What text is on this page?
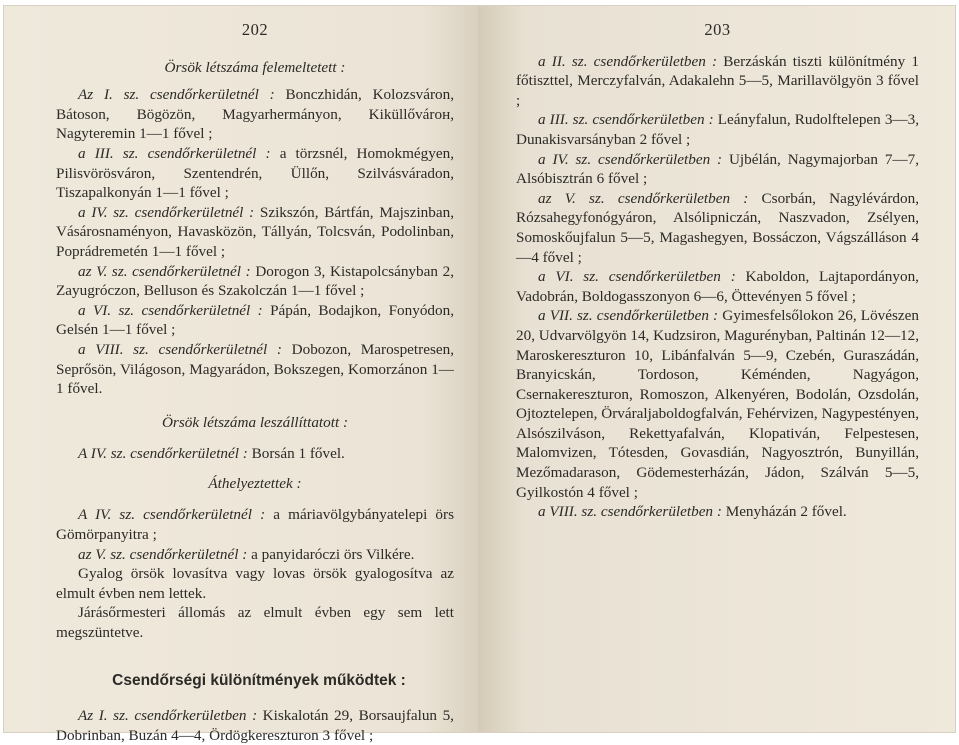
202
Örsök létszáma felemeltetett :

Az I. sz. csendőrkerületnél : Bonczhidán, Kolozsváron, Bátoson, Bögözön, Magyarhermányon, Kiküllővárон, Nagyteremin 1—1 fővel ;

a III. sz. csendőrkerületnél : a törzsnél, Homokmégyen, Pilisvörösváron, Szentendrén, Üllőn, Szilvásváradon, Tiszapalkonyán 1—1 fővel ;

a IV. sz. csendőrkerületnél : Szikszón, Bártfán, Majszinban, Vásárosnaményon, Havasközön, Tállyán, Tolcsván, Podolinban, Poprádremetén 1—1 fővel ;

az V. sz. csendőrkerületnél : Dorogon 3, Kistapolcsányban 2, Zayugróczon, Belluson és Szakolczán 1—1 fővel ;

a VI. sz. csendőrkerületnél : Pápán, Bodajkon, Fonyódon, Gelsén 1—1 fővel ;

a VIII. sz. csendőrkerületnél : Dobozon, Marospetresen, Seprősön, Világoson, Magyarádon, Bokszegen, Komorzánon 1—1 fővel.

Örsök létszáma leszállíttatott :

A IV. sz. csendőrkerületnél : Borsán 1 fővel.

Áthelyeztettek :

A IV. sz. csendőrkerületnél : a máriavölgybányatelepi örs Gömörpanyitra ;

az V. sz. csendőrkerületnél : a panyidaróczi örs Vilkére.

Gyalog örsök lovasítva vagy lovas örsök gyalogosítva az elmult évben nem lettek.

Járásőrmesteri állomás az elmult évben egy sem lett megszüntetve.

Csendőrségi különítmények működtek :

Az I. sz. csendőrkerületben : Kiskalotán 29, Borsaujfalun 5, Dobrinban, Buzán 4—4, Ördögkereszturon 3 fővel ;

203

a II. sz. csendőrkerületben : Berzáskán tiszti különítmény 1 főtiszttel, Merczyfalván, Adakalehn 5—5, Marillavölgyön 3 fővel ;

a III. sz. csendőrkerületben : Leányfalun, Rudolftelepen 3—3, Dunakisvarsányban 2 fővel ;

a IV. sz. csendőrkerületben : Ujbélán, Nagymajorban 7—7, Alsóbisztrán 6 fővel ;

az V. sz. csendőrkerületben : Csorbán, Nagylévárdon, Rózsahegyfonógyáron, Alsólipniczán, Naszvadon, Zsélyen, Somoskőujfalun 5—5, Magashegyen, Bossáczon, Vágszálláson 4—4 fővel ;

a VI. sz. csendőrkerületben : Kaboldon, Lajtapordányon, Vadobrán, Boldogasszonyon 6—6, Öttevényen 5 fővel ;

a VII. sz. csendőrkerületben : Gyimesfelsőlokon 26, Lövészen 20, Udvarvölgyön 14, Kudzsiron, Magurényban, Paltinán 12—12, Maroskereszturon 10, Libánfalván 5—9, Czebén, Guraszádán, Branyicskán, Tordoson, Kéménden, Nagyágon, Csernakereszturon, Romoszon, Alkenyéren, Bodolán, Ozsdolán, Ojtoztelepen, Örváraljaboldogfalván, Fehérvizen, Nagypestényen, Alsószilváson, Rekettyafalván, Klopativán, Felpestesen, Malomvizen, Tótesden, Govasdián, Nagyosztrón, Bunyillán, Mezőmadarason, Gödemesterházán, Jádon, Szálván 5—5, Gyilkostón 4 fővel ;

a VIII. sz. csendőrkerületben : Menyházán 2 fővel.
